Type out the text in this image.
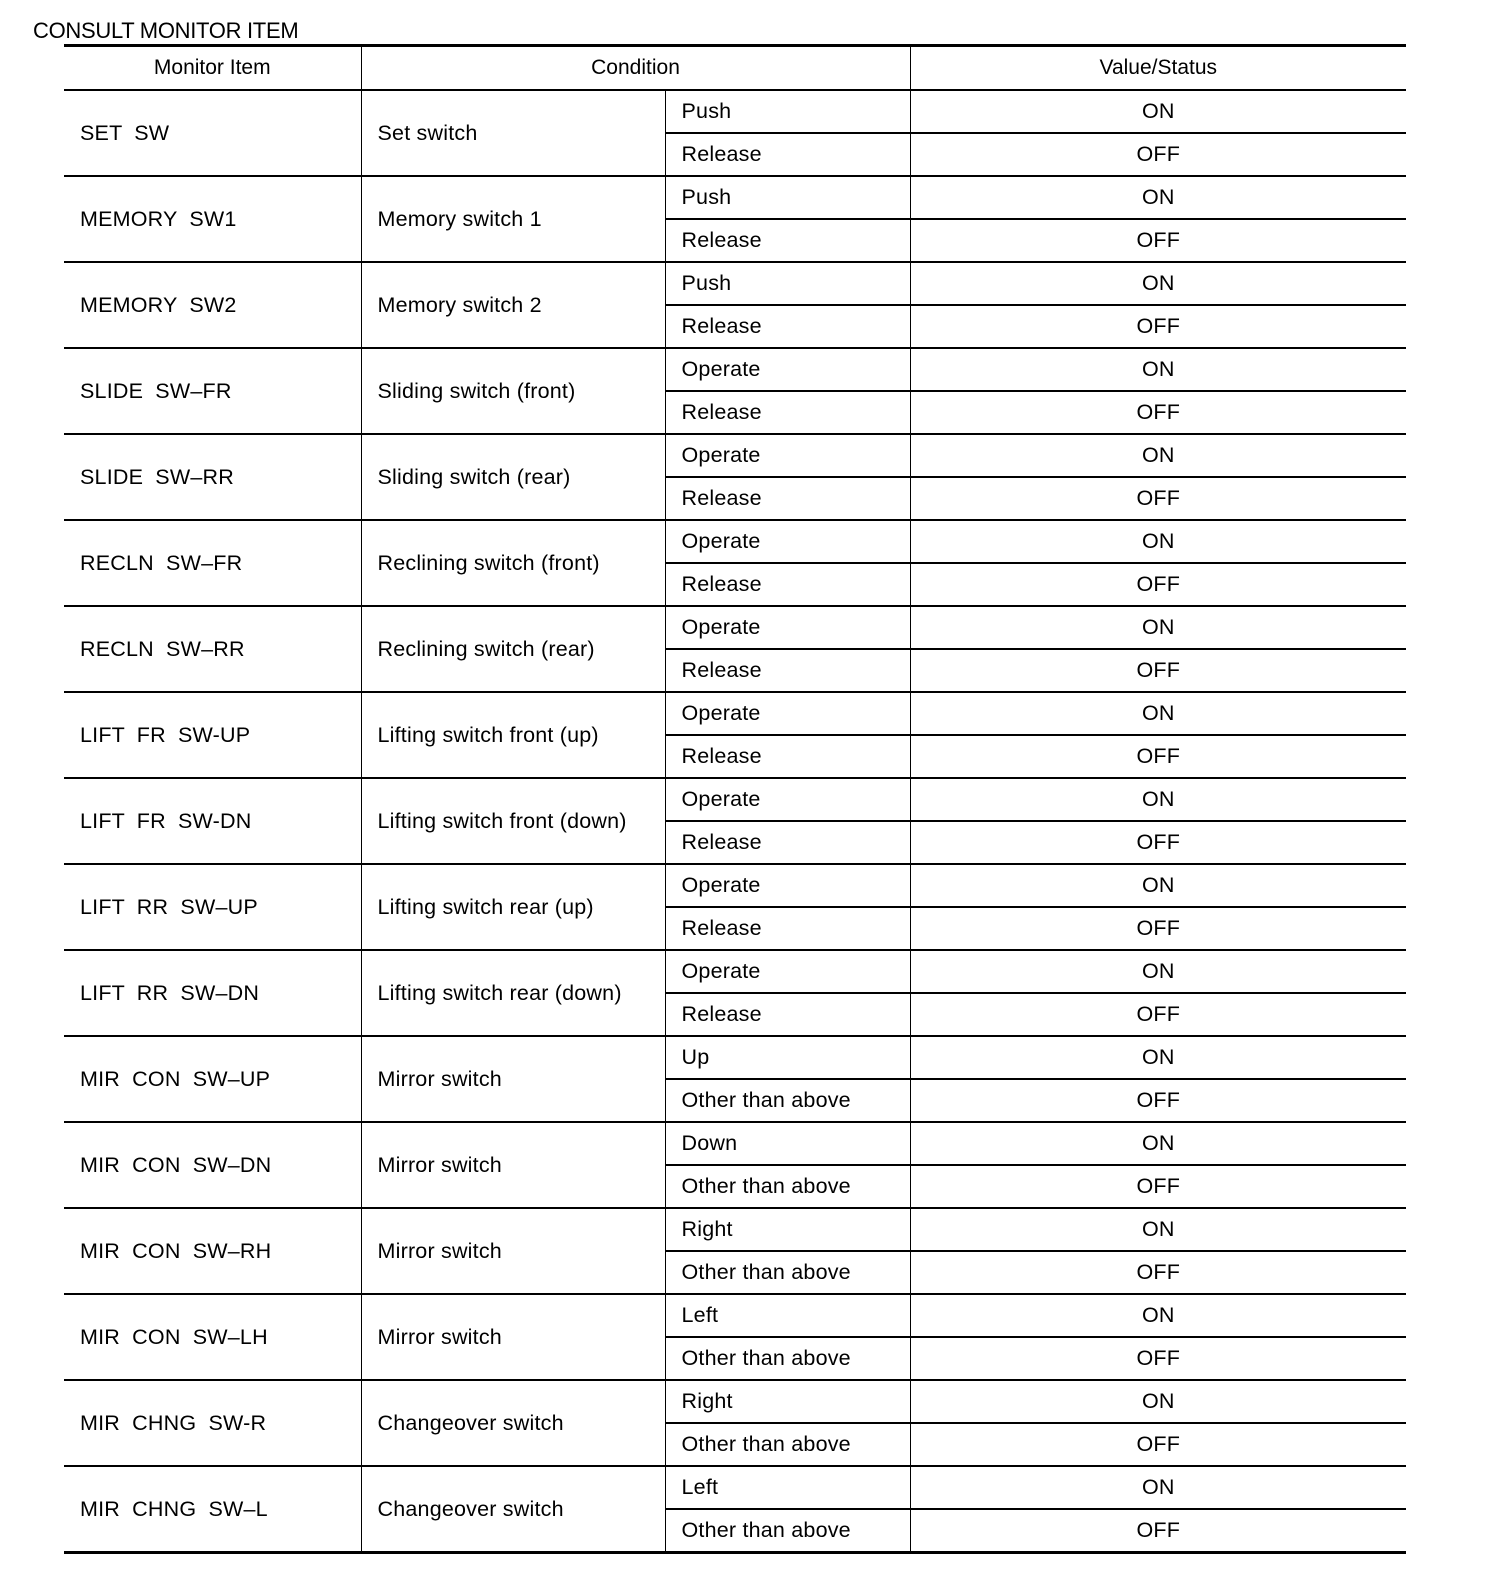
CONSULT MONITOR ITEM
Monitor Item	Condition		Value/Status
SET SW	Set switch	Push	ON
		Release	OFF
MEMORY SW1	Memory switch 1	Push	ON
		Release	OFF
MEMORY SW2	Memory switch 2	Push	ON
		Release	OFF
SLIDE SW–FR	Sliding switch (front)	Operate	ON
		Release	OFF
SLIDE SW–RR	Sliding switch (rear)	Operate	ON
		Release	OFF
RECLN SW–FR	Reclining switch (front)	Operate	ON
		Release	OFF
RECLN SW–RR	Reclining switch (rear)	Operate	ON
		Release	OFF
LIFT FR SW-UP	Lifting switch front (up)	Operate	ON
		Release	OFF
LIFT FR SW-DN	Lifting switch front (down)	Operate	ON
		Release	OFF
LIFT RR SW–UP	Lifting switch rear (up)	Operate	ON
		Release	OFF
LIFT RR SW–DN	Lifting switch rear (down)	Operate	ON
		Release	OFF
MIR CON SW–UP	Mirror switch	Up	ON
		Other than above	OFF
MIR CON SW–DN	Mirror switch	Down	ON
		Other than above	OFF
MIR CON SW–RH	Mirror switch	Right	ON
		Other than above	OFF
MIR CON SW–LH	Mirror switch	Left	ON
		Other than above	OFF
MIR CHNG SW-R	Changeover switch	Right	ON
		Other than above	OFF
MIR CHNG SW–L	Changeover switch	Left	ON
		Other than above	OFF
